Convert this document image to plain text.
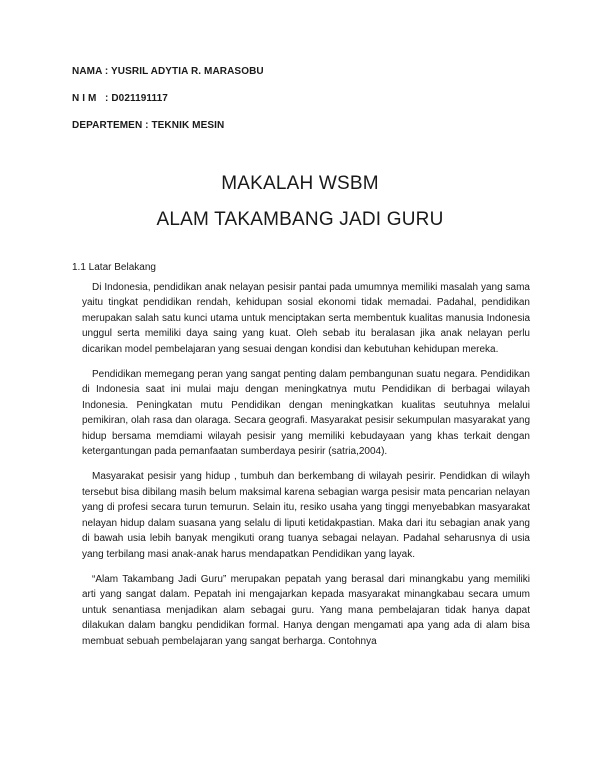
NAMA : YUSRIL ADYTIA R. MARASOBU

N I M   : D021191117

DEPARTEMEN : TEKNIK MESIN

MAKALAH WSBM
ALAM TAKAMBANG JADI GURU
1.1 Latar Belakang

Di Indonesia, pendidikan anak nelayan pesisir pantai pada umumnya memiliki masalah yang sama yaitu tingkat pendidikan rendah, kehidupan sosial ekonomi tidak memadai. Padahal, pendidikan merupakan salah satu kunci utama untuk menciptakan serta membentuk kualitas manusia Indonesia unggul serta memiliki daya saing yang kuat. Oleh sebab itu beralasan jika anak nelayan perlu dicarikan model pembelajaran yang sesuai dengan kondisi dan kebutuhan kehidupan mereka.

Pendidikan memegang peran yang sangat penting dalam pembangunan suatu negara. Pendidikan di Indonesia saat ini mulai maju dengan meningkatnya mutu Pendidikan di berbagai wilayah Indonesia. Peningkatan mutu Pendidikan dengan meningkatkan kualitas seutuhnya melalui pemikiran, olah rasa dan olaraga. Secara geografi. Masyarakat pesisir sekumpulan masyarakat yang hidup bersama memdiami wilayah pesisir yang memiliki kebudayaan yang khas terkait dengan ketergantungan pada pemanfaatan sumberdaya pesirir (satria,2004).

Masyarakat pesisir yang hidup , tumbuh dan berkembang di wilayah pesirir. Pendidkan di wilayh tersebut bisa dibilang masih belum maksimal karena sebagian warga pesisir mata pencarian nelayan yang di profesi secara turun temurun. Selain itu, resiko usaha yang tinggi menyebabkan masyarakat nelayan hidup dalam suasana yang selalu di liputi ketidakpastian. Maka dari itu sebagian anak yang di bawah usia lebih banyak mengikuti orang tuanya sebagai nelayan. Padahal seharusnya di usia yang terbilang masi anak-anak harus mendapatkan Pendidikan yang layak.

“Alam Takambang Jadi Guru” merupakan pepatah yang berasal dari minangkabu yang memiliki arti yang sangat dalam. Pepatah ini mengajarkan kepada masyarakat minangkabau secara umum untuk senantiasa menjadikan alam sebagai guru. Yang mana pembelajaran tidak hanya dapat dilakukan dalam bangku pendidikan formal. Hanya dengan mengamati apa yang ada di alam bisa membuat sebuah pembelajaran yang sangat berharga. Contohnya
